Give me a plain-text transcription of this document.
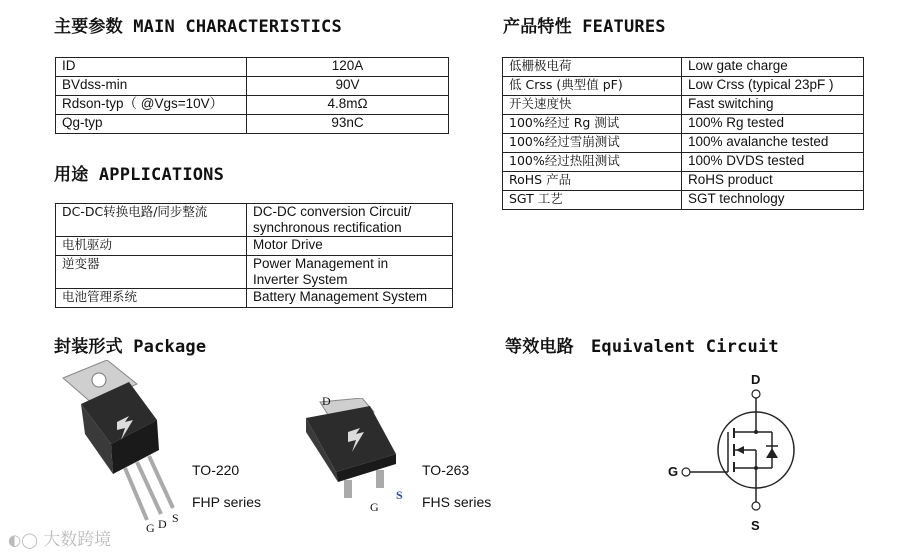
主要参数 MAIN CHARACTERISTICS
ID	120A
BVdss-min	90V
Rdson-typ（ @Vgs=10V）	4.8mΩ
Qg-typ	93nC
产品特性 FEATURES
低栅极电荷	Low gate charge
低 Crss (典型值 pF)	Low Crss (typical 23pF )
开关速度快	Fast switching
100%经过 Rg 测试	100% Rg tested
100%经过雪崩测试	100% avalanche tested
100%经过热阻测试	100% DVDS tested
RoHS 产品	RoHS product
SGT 工艺	SGT technology
用途 APPLICATIONS
DC-DC转换电路/同步整流	DC-DC conversion Circuit/
synchronous rectification
电机驱动	Motor Drive
逆变器	Power Management in
Inverter System
电池管理系统	Battery Management System
封装形式 Package
G D S

TO-220

FHP series

D
G
S

TO-263

FHS series

等效电路　Equivalent Circuit
D
G
S
◐◯ 大数跨境
